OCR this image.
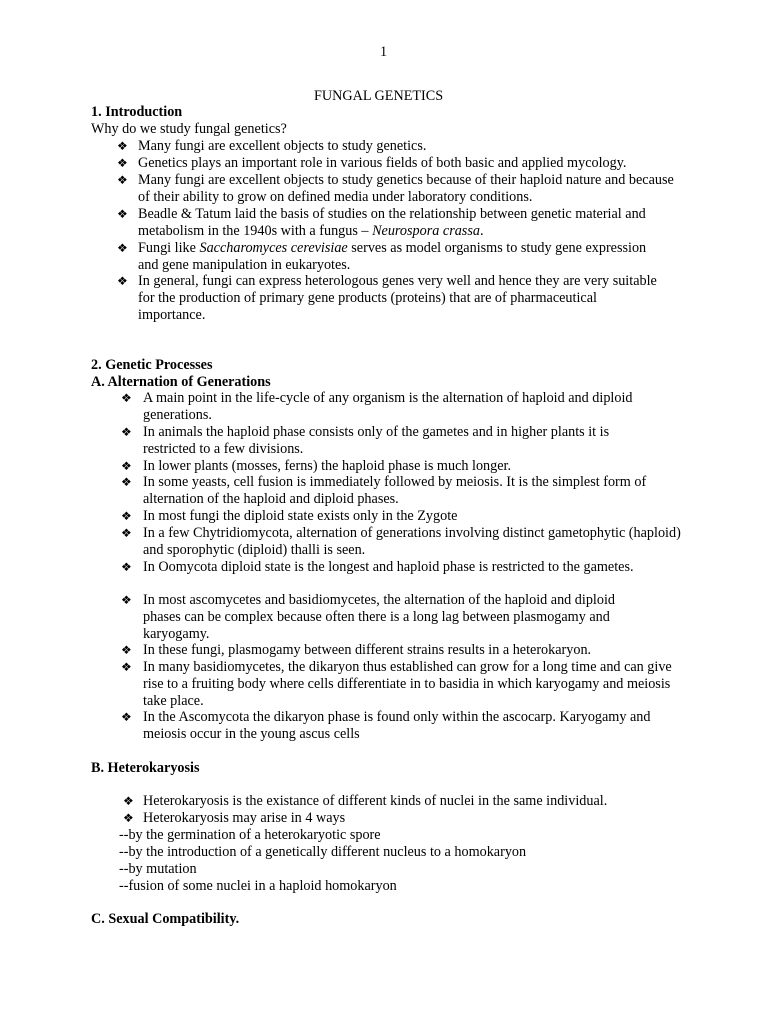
1
FUNGAL GENETICS
1. Introduction
Why do we study fungal genetics?
❖ Many fungi are excellent objects to study genetics.
❖ Genetics plays an important role in various fields of both basic and applied mycology.
❖ Many fungi are excellent objects to study genetics because of their haploid nature and because of their ability to grow on defined media under laboratory conditions.
❖ Beadle & Tatum laid the basis of studies on the relationship between genetic material and metabolism in the 1940s with a fungus – Neurospora crassa.
❖ Fungi like Saccharomyces cerevisiae serves as model organisms to study gene expression and gene manipulation in eukaryotes.
❖ In general, fungi can express heterologous genes very well and hence they are very suitable for the production of primary gene products (proteins) that are of pharmaceutical importance.
2. Genetic Processes
A. Alternation of Generations
❖ A main point in the life-cycle of any organism is the alternation of haploid and diploid generations.
❖ In animals the haploid phase consists only of the gametes and in higher plants it is restricted to a few divisions.
❖ In lower plants (mosses, ferns) the haploid phase is much longer.
❖ In some yeasts, cell fusion is immediately followed by meiosis. It is the simplest form of alternation of the haploid and diploid phases.
❖ In most fungi the diploid state exists only in the Zygote
❖ In a few Chytridiomycota, alternation of generations involving distinct gametophytic (haploid) and sporophytic (diploid) thalli is seen.
❖ In Oomycota diploid state is the longest and haploid phase is restricted to the gametes.
❖ In most ascomycetes and basidiomycetes, the alternation of the haploid and diploid phases can be complex because often there is a long lag between plasmogamy and karyogamy.
❖ In these fungi, plasmogamy between different strains results in a heterokaryon.
❖ In many basidiomycetes, the dikaryon thus established can grow for a long time and can give rise to a fruiting body where cells differentiate in to basidia in which karyogamy and meiosis take place.
❖ In the Ascomycota the dikaryon phase is found only within the ascocarp. Karyogamy and meiosis occur in the young ascus cells
B. Heterokaryosis
❖ Heterokaryosis is the existance of different kinds of nuclei in the same individual.
❖ Heterokaryosis may arise in 4 ways
--by the germination of a heterokaryotic spore
--by the introduction of a genetically different nucleus to a homokaryon
--by mutation
--fusion of some nuclei in a haploid homokaryon
C. Sexual Compatibility.
